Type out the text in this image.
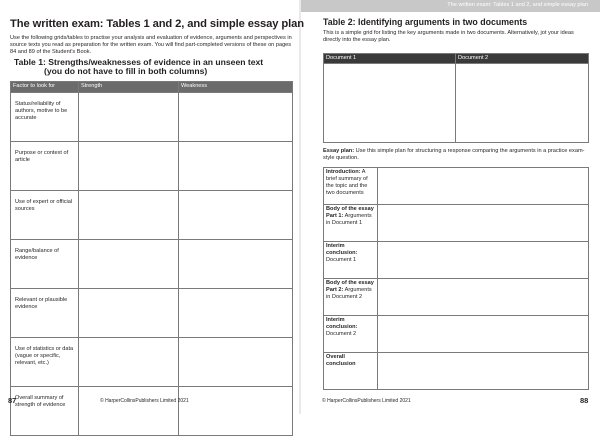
The written exam: Tables 1 and 2, and simple essay plan
Use the following grids/tables to practise your analysis and evaluation of evidence, arguments and perspectives in source texts you read as preparation for the written exam. You will find part-completed versions of these on pages 84 and 89 of the Student’s Book.
Table 1: Strengths/weaknesses of evidence in an unseen text
(you do not have to fill in both columns)
Factor to look for	Strength	Weakness
Status/reliability of authors, motive to be accurate		
Purpose or context of article		
Use of expert or official sources		
Range/balance of evidence		
Relevant or plausible evidence		
Use of statistics or data (vague or specific, relevant, etc.)		
Overall summary of strength of evidence		
87	© HarperCollinsPublishers Limited 2021
The written exam: Tables 1 and 2, and simple essay plan
Table 2: Identifying arguments in two documents
This is a simple grid for listing the key arguments made in two documents. Alternatively, jot your ideas directly into the essay plan.
Document 1	Document 2

Essay plan: Use this simple plan for structuring a response comparing the arguments in a practice exam-style question.
Introduction: A brief summary of the topic and the two documents	
Body of the essay Part 1: Arguments in Document 1	
Interim conclusion: Document 1	
Body of the essay Part 2: Arguments in Document 2	
Interim conclusion: Document 2	
Overall conclusion	
© HarperCollinsPublishers Limited 2021	88
